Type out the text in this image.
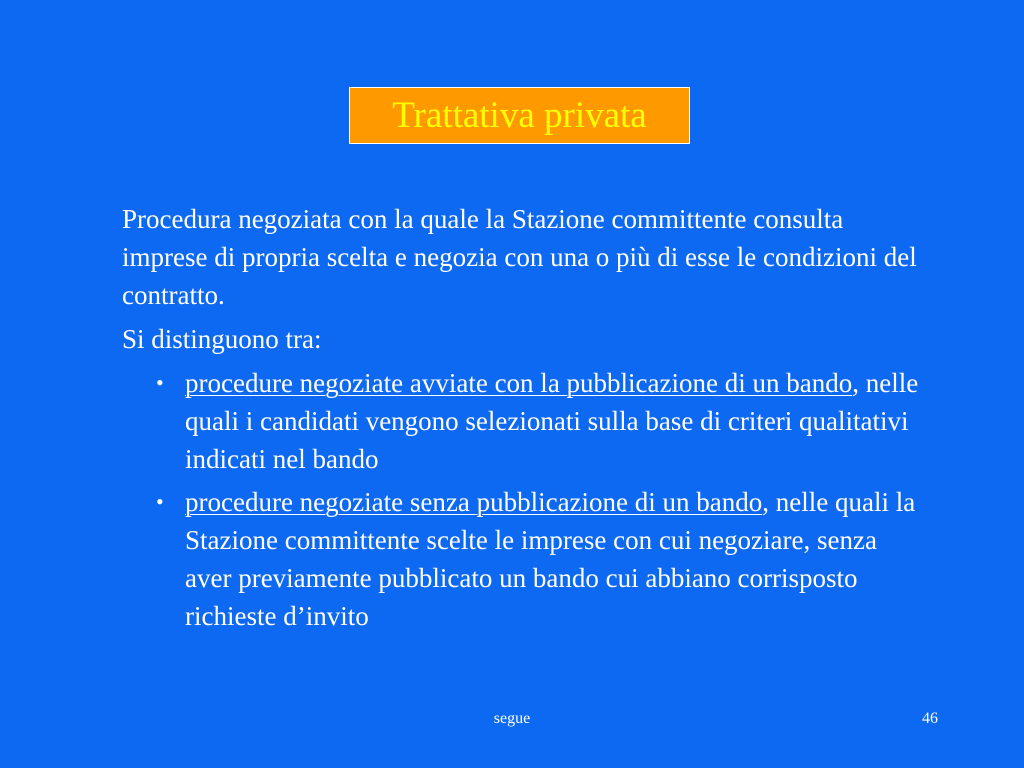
Trattativa privata

Procedura negoziata con la quale la Stazione committente consulta imprese di propria scelta e negozia con una o più di esse le condizioni del contratto.

Si distinguono tra:

• procedure negoziate avviate con la pubblicazione di un bando, nelle quali i candidati vengono selezionati sulla base di criteri qualitativi indicati nel bando
• procedure negoziate senza pubblicazione di un bando, nelle quali la Stazione committente scelte le imprese con cui negoziare, senza aver previamente pubblicato un bando cui abbiano corrisposto richieste d’invito
segue	46
